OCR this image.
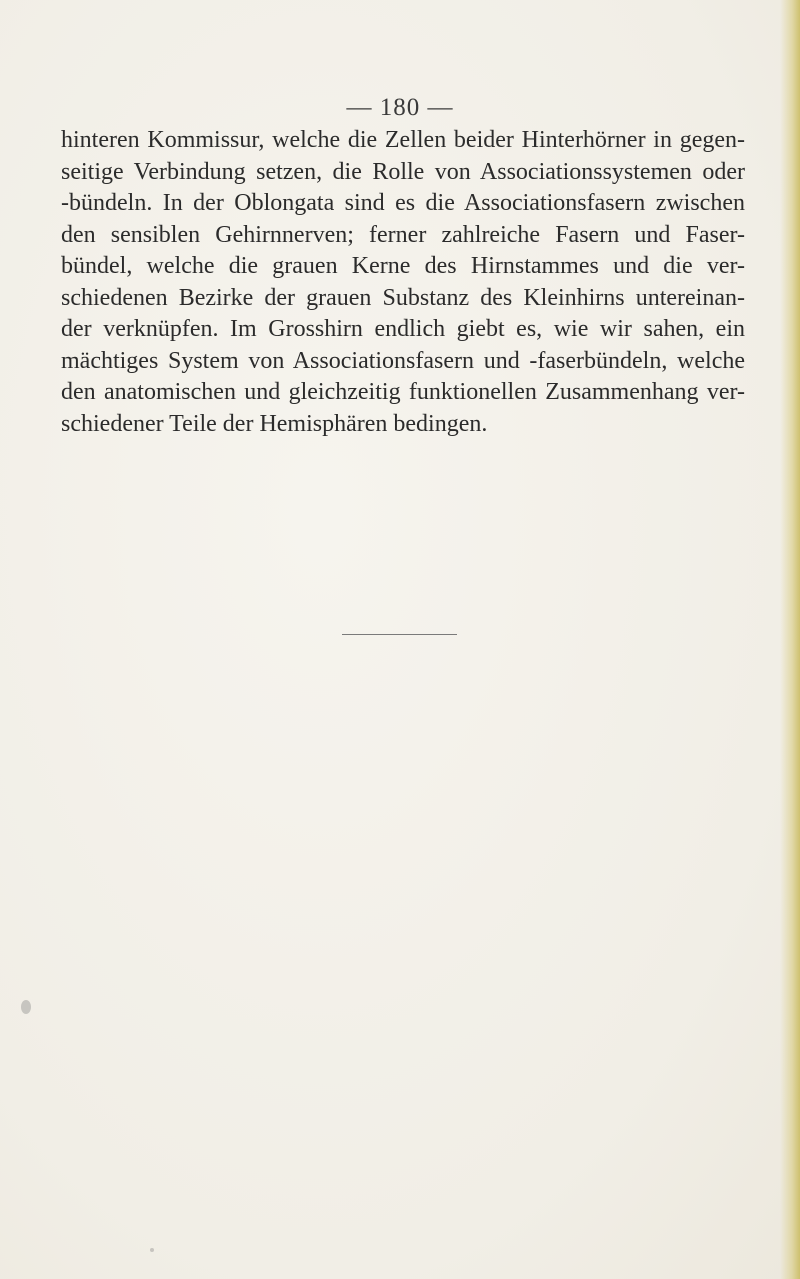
— 180 —
hinteren Kommissur, welche die Zellen beider Hinterhörner in gegen-
seitige Verbindung setzen, die Rolle von Associationssystemen oder
-bündeln. In der Oblongata sind es die Associationsfasern zwischen
den sensiblen Gehirnnerven; ferner zahlreiche Fasern und Faser-
bündel, welche die grauen Kerne des Hirnstammes und die ver-
schiedenen Bezirke der grauen Substanz des Kleinhirns untereinan-
der verknüpfen. Im Grosshirn endlich giebt es, wie wir sahen, ein
mächtiges System von Associationsfasern und -faserbündeln, welche
den anatomischen und gleichzeitig funktionellen Zusammenhang ver-
schiedener Teile der Hemisphären bedingen.
